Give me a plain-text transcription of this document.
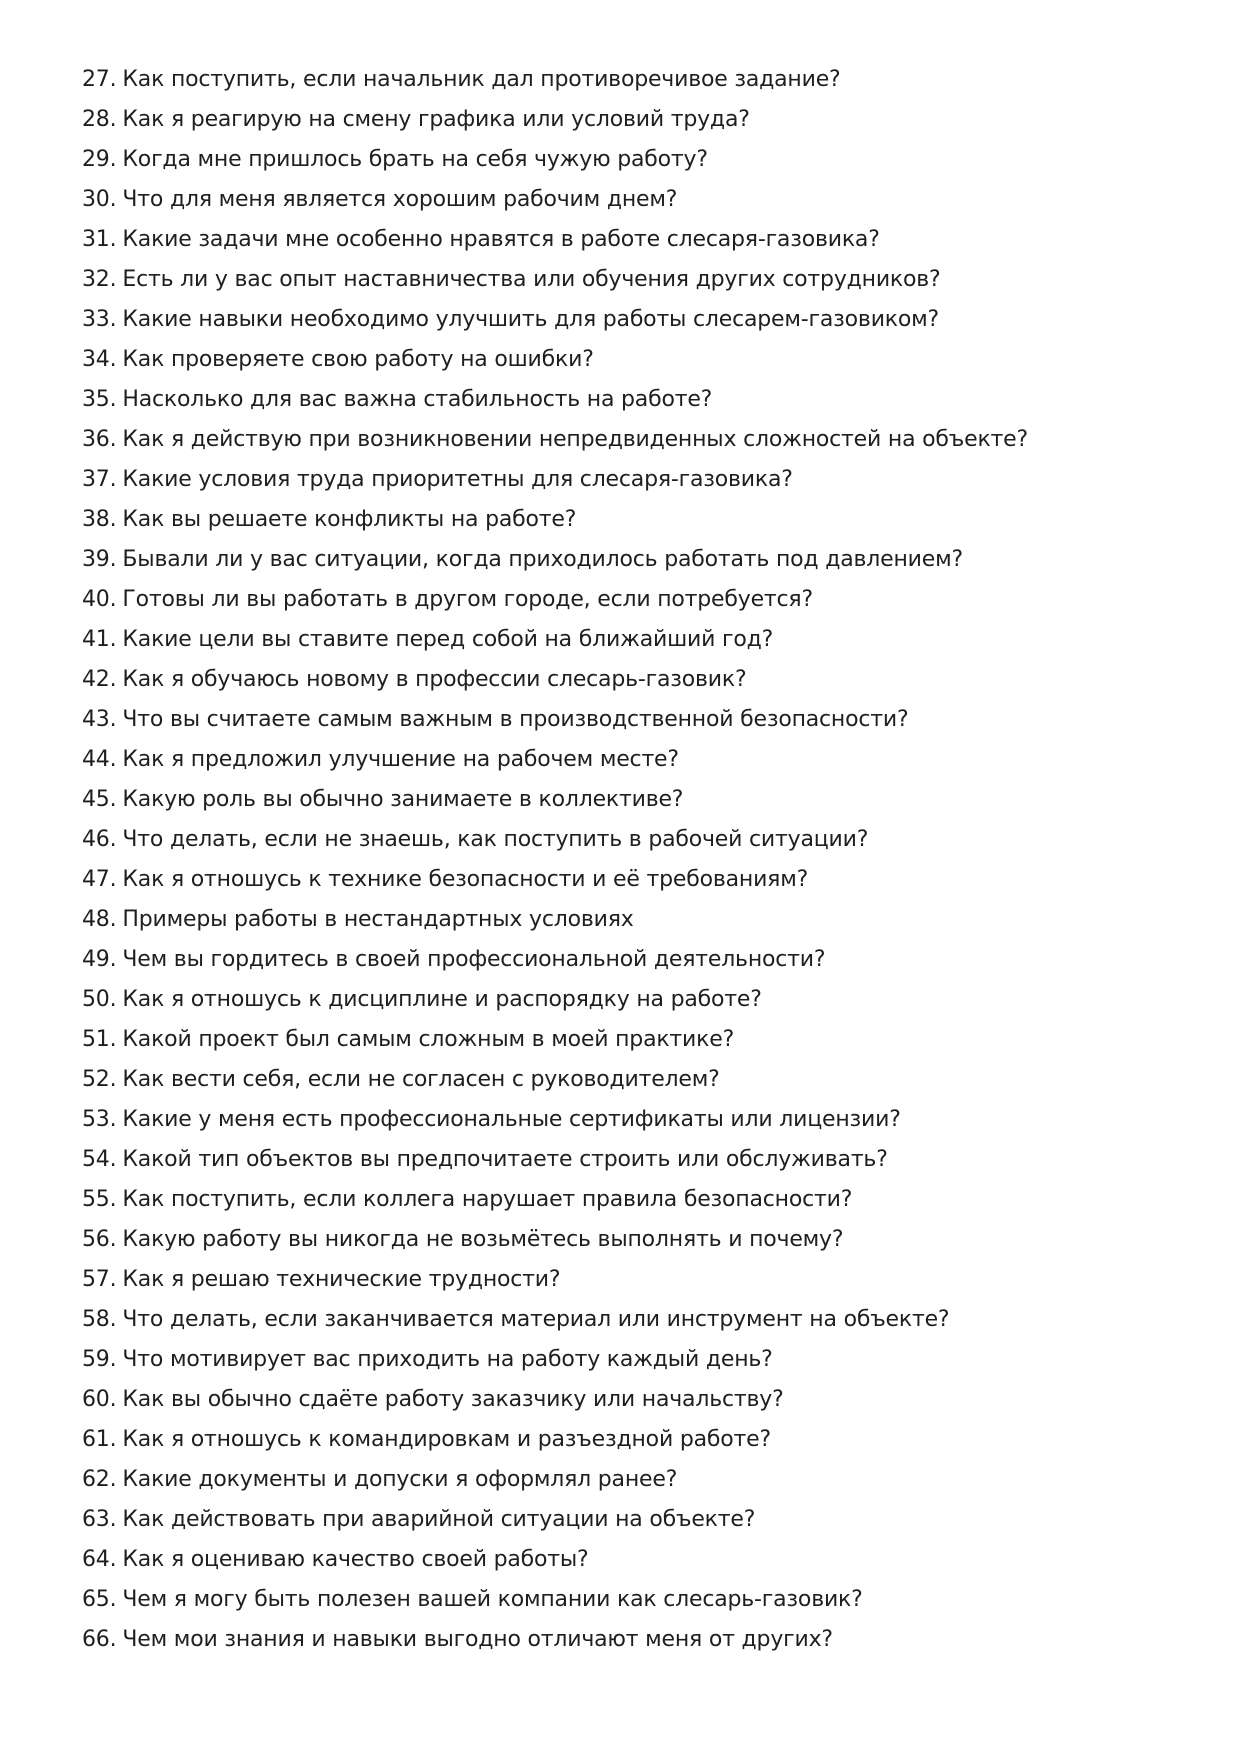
27. Как поступить, если начальник дал противоречивое задание?
28. Как я реагирую на смену графика или условий труда?
29. Когда мне пришлось брать на себя чужую работу?
30. Что для меня является хорошим рабочим днем?
31. Какие задачи мне особенно нравятся в работе слесаря-газовика?
32. Есть ли у вас опыт наставничества или обучения других сотрудников?
33. Какие навыки необходимо улучшить для работы слесарем-газовиком?
34. Как проверяете свою работу на ошибки?
35. Насколько для вас важна стабильность на работе?
36. Как я действую при возникновении непредвиденных сложностей на объекте?
37. Какие условия труда приоритетны для слесаря-газовика?
38. Как вы решаете конфликты на работе?
39. Бывали ли у вас ситуации, когда приходилось работать под давлением?
40. Готовы ли вы работать в другом городе, если потребуется?
41. Какие цели вы ставите перед собой на ближайший год?
42. Как я обучаюсь новому в профессии слесарь-газовик?
43. Что вы считаете самым важным в производственной безопасности?
44. Как я предложил улучшение на рабочем месте?
45. Какую роль вы обычно занимаете в коллективе?
46. Что делать, если не знаешь, как поступить в рабочей ситуации?
47. Как я отношусь к технике безопасности и её требованиям?
48. Примеры работы в нестандартных условиях
49. Чем вы гордитесь в своей профессиональной деятельности?
50. Как я отношусь к дисциплине и распорядку на работе?
51. Какой проект был самым сложным в моей практике?
52. Как вести себя, если не согласен с руководителем?
53. Какие у меня есть профессиональные сертификаты или лицензии?
54. Какой тип объектов вы предпочитаете строить или обслуживать?
55. Как поступить, если коллега нарушает правила безопасности?
56. Какую работу вы никогда не возьмётесь выполнять и почему?
57. Как я решаю технические трудности?
58. Что делать, если заканчивается материал или инструмент на объекте?
59. Что мотивирует вас приходить на работу каждый день?
60. Как вы обычно сдаёте работу заказчику или начальству?
61. Как я отношусь к командировкам и разъездной работе?
62. Какие документы и допуски я оформлял ранее?
63. Как действовать при аварийной ситуации на объекте?
64. Как я оцениваю качество своей работы?
65. Чем я могу быть полезен вашей компании как слесарь-газовик?
66. Чем мои знания и навыки выгодно отличают меня от других?
